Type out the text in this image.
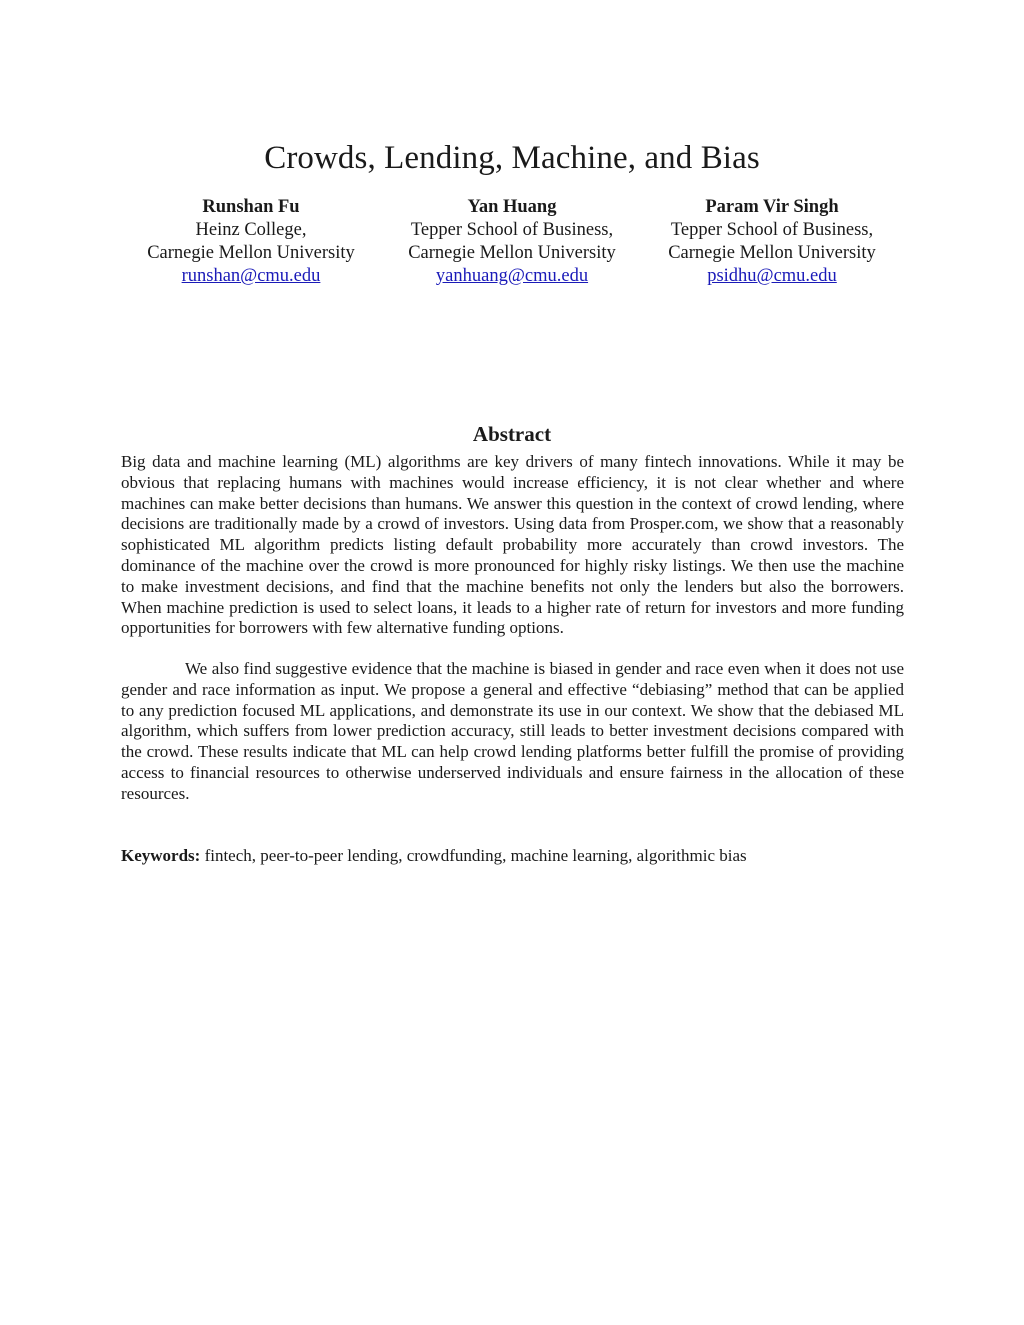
Crowds, Lending, Machine, and Bias
Runshan Fu
Heinz College,
Carnegie Mellon University
runshan@cmu.edu
Yan Huang
Tepper School of Business,
Carnegie Mellon University
yanhuang@cmu.edu
Param Vir Singh
Tepper School of Business,
Carnegie Mellon University
psidhu@cmu.edu
Abstract

Big data and machine learning (ML) algorithms are key drivers of many fintech innovations. While it may be obvious that replacing humans with machines would increase efficiency, it is not clear whether and where machines can make better decisions than humans. We answer this question in the context of crowd lending, where decisions are traditionally made by a crowd of investors. Using data from Prosper.com, we show that a reasonably sophisticated ML algorithm predicts listing default probability more accurately than crowd investors. The dominance of the machine over the crowd is more pronounced for highly risky listings. We then use the machine to make investment decisions, and find that the machine benefits not only the lenders but also the borrowers. When machine prediction is used to select loans, it leads to a higher rate of return for investors and more funding opportunities for borrowers with few alternative funding options.

We also find suggestive evidence that the machine is biased in gender and race even when it does not use gender and race information as input. We propose a general and effective “debiasing” method that can be applied to any prediction focused ML applications, and demonstrate its use in our context. We show that the debiased ML algorithm, which suffers from lower prediction accuracy, still leads to better investment decisions compared with the crowd. These results indicate that ML can help crowd lending platforms better fulfill the promise of providing access to financial resources to otherwise underserved individuals and ensure fairness in the allocation of these resources.

Keywords: fintech, peer-to-peer lending, crowdfunding, machine learning, algorithmic bias
